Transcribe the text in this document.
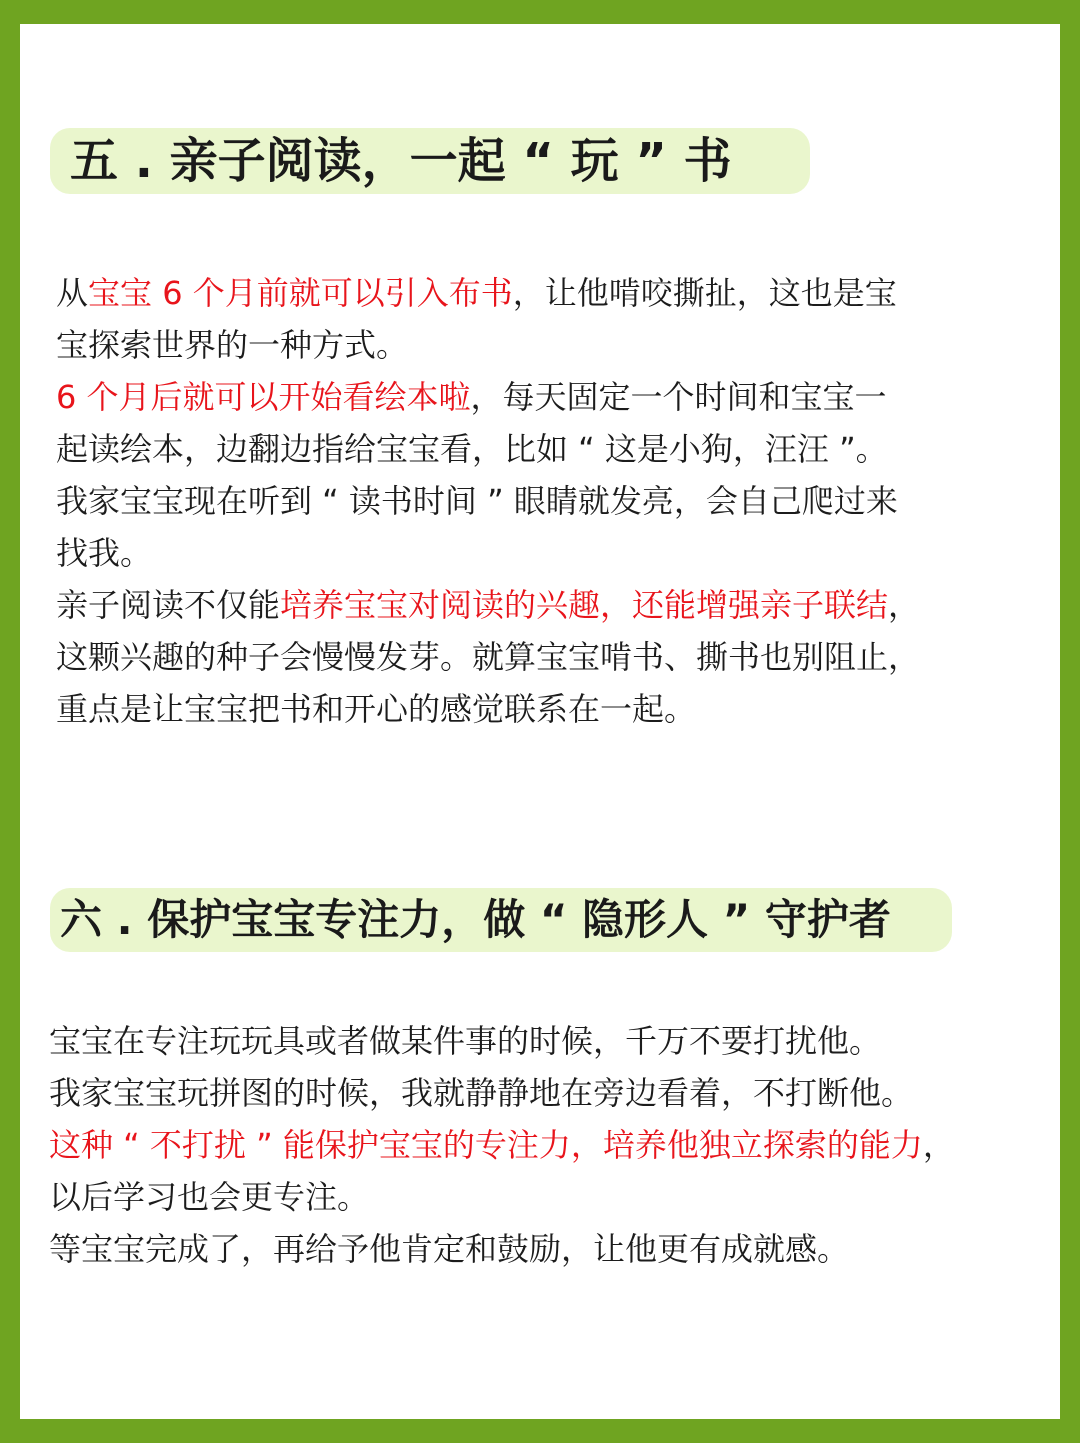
五 . 亲子阅读，一起 “ 玩 ” 书
从宝宝 6 个月前就可以引入布书，让他啃咬撕扯，这也是宝
宝探索世界的一种方式。
6 个月后就可以开始看绘本啦，每天固定一个时间和宝宝一
起读绘本，边翻边指给宝宝看，比如 “ 这是小狗，汪汪 ”。
我家宝宝现在听到 “ 读书时间 ” 眼睛就发亮，会自己爬过来
找我。
亲子阅读不仅能培养宝宝对阅读的兴趣，还能增强亲子联结，
这颗兴趣的种子会慢慢发芽。就算宝宝啃书、撕书也别阻止，
重点是让宝宝把书和开心的感觉联系在一起。
六 . 保护宝宝专注力，做 “ 隐形人 ” 守护者
宝宝在专注玩玩具或者做某件事的时候，千万不要打扰他。
我家宝宝玩拼图的时候，我就静静地在旁边看着，不打断他。
这种 “ 不打扰 ” 能保护宝宝的专注力，培养他独立探索的能力，
以后学习也会更专注。
等宝宝完成了，再给予他肯定和鼓励，让他更有成就感。
